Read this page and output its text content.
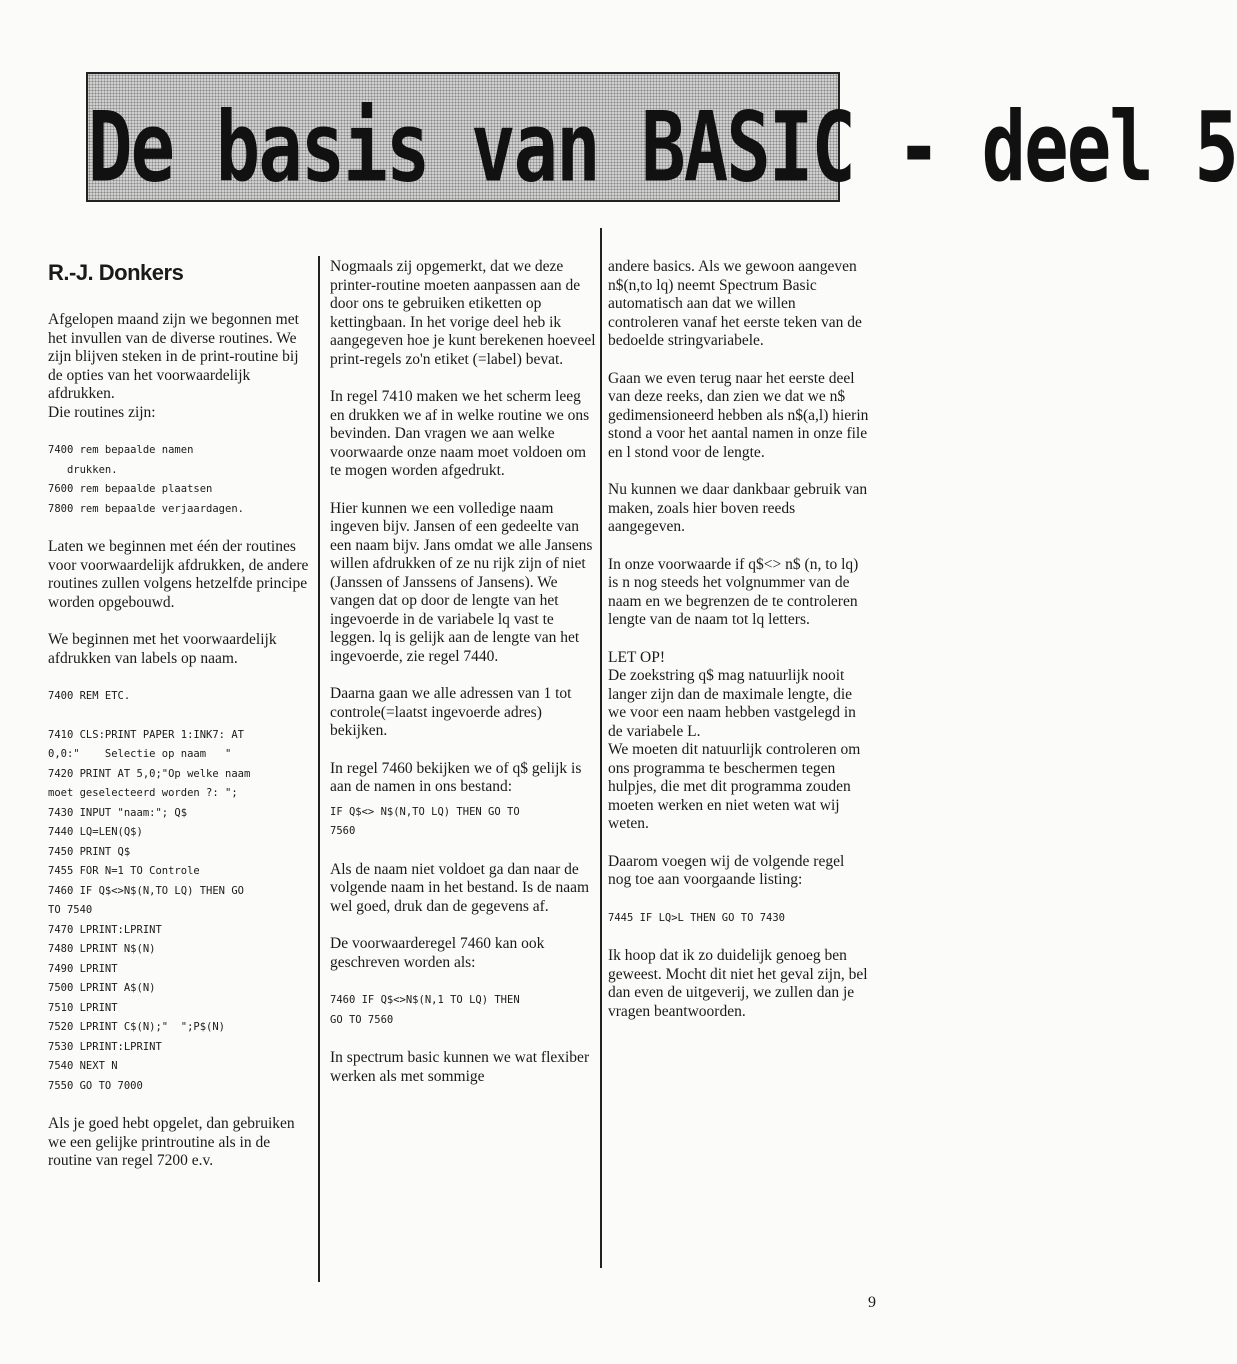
De basis van BASIC - deel 5
R.-J. Donkers

Afgelopen maand zijn we begonnen met het invullen van de diverse routines. We zijn blijven steken in de print-routine bij de opties van het voorwaardelijk afdrukken.
Die routines zijn:

7400 rem bepaalde namen
drukken.
7600 rem bepaalde plaatsen
7800 rem bepaalde verjaardagen.

Laten we beginnen met één der routines voor voorwaardelijk afdrukken, de andere routines zullen volgens hetzelfde principe worden opgebouwd.

We beginnen met het voorwaardelijk afdrukken van labels op naam.

7400 REM ETC.
7410 CLS:PRINT PAPER 1:INK7: AT
0,0:"    Selectie op naam   "
7420 PRINT AT 5,0;"Op welke naam
moet geselecteerd worden ?: ";
7430 INPUT "naam:"; Q$
7440 LQ=LEN(Q$)
7450 PRINT Q$
7455 FOR N=1 TO Controle
7460 IF Q$<>N$(N,TO LQ) THEN GO
TO 7540
7470 LPRINT:LPRINT
7480 LPRINT N$(N)
7490 LPRINT
7500 LPRINT A$(N)
7510 LPRINT
7520 LPRINT C$(N);"  ";P$(N)
7530 LPRINT:LPRINT
7540 NEXT N
7550 GO TO 7000

Als je goed hebt opgelet, dan gebruiken we een gelijke printroutine als in de routine van regel 7200 e.v.

Nogmaals zij opgemerkt, dat we deze printer-routine moeten aanpassen aan de door ons te gebruiken etiketten op kettingbaan. In het vorige deel heb ik aangegeven hoe je kunt berekenen hoeveel print-regels zo'n etiket (=label) bevat.

In regel 7410 maken we het scherm leeg en drukken we af in welke routine we ons bevinden. Dan vragen we aan welke voorwaarde onze naam moet voldoen om te mogen worden afgedrukt.

Hier kunnen we een volledige naam ingeven bijv. Jansen of een gedeelte van een naam bijv. Jans omdat we alle Jansens willen afdrukken of ze nu rijk zijn of niet (Janssen of Janssens of Jansens). We vangen dat op door de lengte van het ingevoerde in de variabele lq vast te leggen. lq is gelijk aan de lengte van het ingevoerde, zie regel 7440.

Daarna gaan we alle adressen van 1 tot controle(=laatst ingevoerde adres) bekijken.

In regel 7460 bekijken we of q$ gelijk is aan de namen in ons bestand:

IF Q$<> N$(N,TO LQ) THEN GO TO
7560

Als de naam niet voldoet ga dan naar de volgende naam in het bestand. Is de naam wel goed, druk dan de gegevens af.

De voorwaarderegel 7460 kan ook geschreven worden als:

7460 IF Q$<>N$(N,1 TO LQ) THEN
GO TO 7560

In spectrum basic kunnen we wat flexiber werken als met sommige

andere basics. Als we gewoon aangeven n$(n,to lq) neemt Spectrum Basic automatisch aan dat we willen controleren vanaf het eerste teken van de bedoelde stringvariabele.

Gaan we even terug naar het eerste deel van deze reeks, dan zien we dat we n$ gedimensioneerd hebben als n$(a,l) hierin stond a voor het aantal namen in onze file en l stond voor de lengte.

Nu kunnen we daar dankbaar gebruik van maken, zoals hier boven reeds aangegeven.

In onze voorwaarde if q$<> n$ (n, to lq) is n nog steeds het volgnummer van de naam en we begrenzen de te controleren lengte van de naam tot lq letters.

LET OP!
De zoekstring q$ mag natuurlijk nooit langer zijn dan de maximale lengte, die we voor een naam hebben vastgelegd in de variabele L.

We moeten dit natuurlijk controleren om ons programma te beschermen tegen hulpjes, die met dit programma zouden moeten werken en niet weten wat wij weten.

Daarom voegen wij de volgende regel nog toe aan voorgaande listing:

7445 IF LQ>L THEN GO TO 7430

Ik hoop dat ik zo duidelijk genoeg ben geweest. Mocht dit niet het geval zijn, bel dan even de uitgeverij, we zullen dan je vragen beantwoorden.

9
